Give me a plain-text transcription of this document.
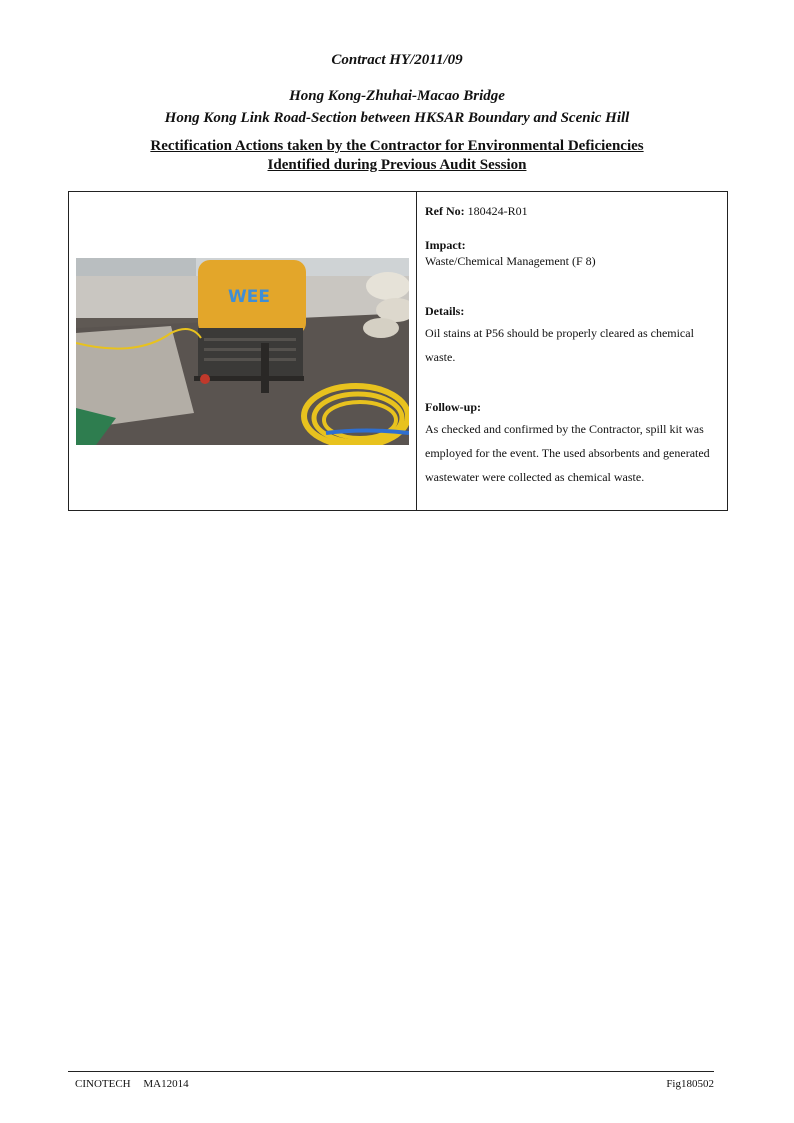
Contract HY/2011/09
Hong Kong-Zhuhai-Macao Bridge
Hong Kong Link Road-Section between HKSAR Boundary and Scenic Hill
Rectification Actions taken by the Contractor for Environmental Deficiencies
Identified during Previous Audit Session
WEE
Ref No: 180424-R01
Impact:
Waste/Chemical Management (F 8)
Details:
Oil stains at P56 should be properly cleared as chemical waste.
Follow-up:
As checked and confirmed by the Contractor, spill kit was employed for the event. The used absorbents and generated wastewater were collected as chemical waste.
CINOTECH MA12014	Fig180502
